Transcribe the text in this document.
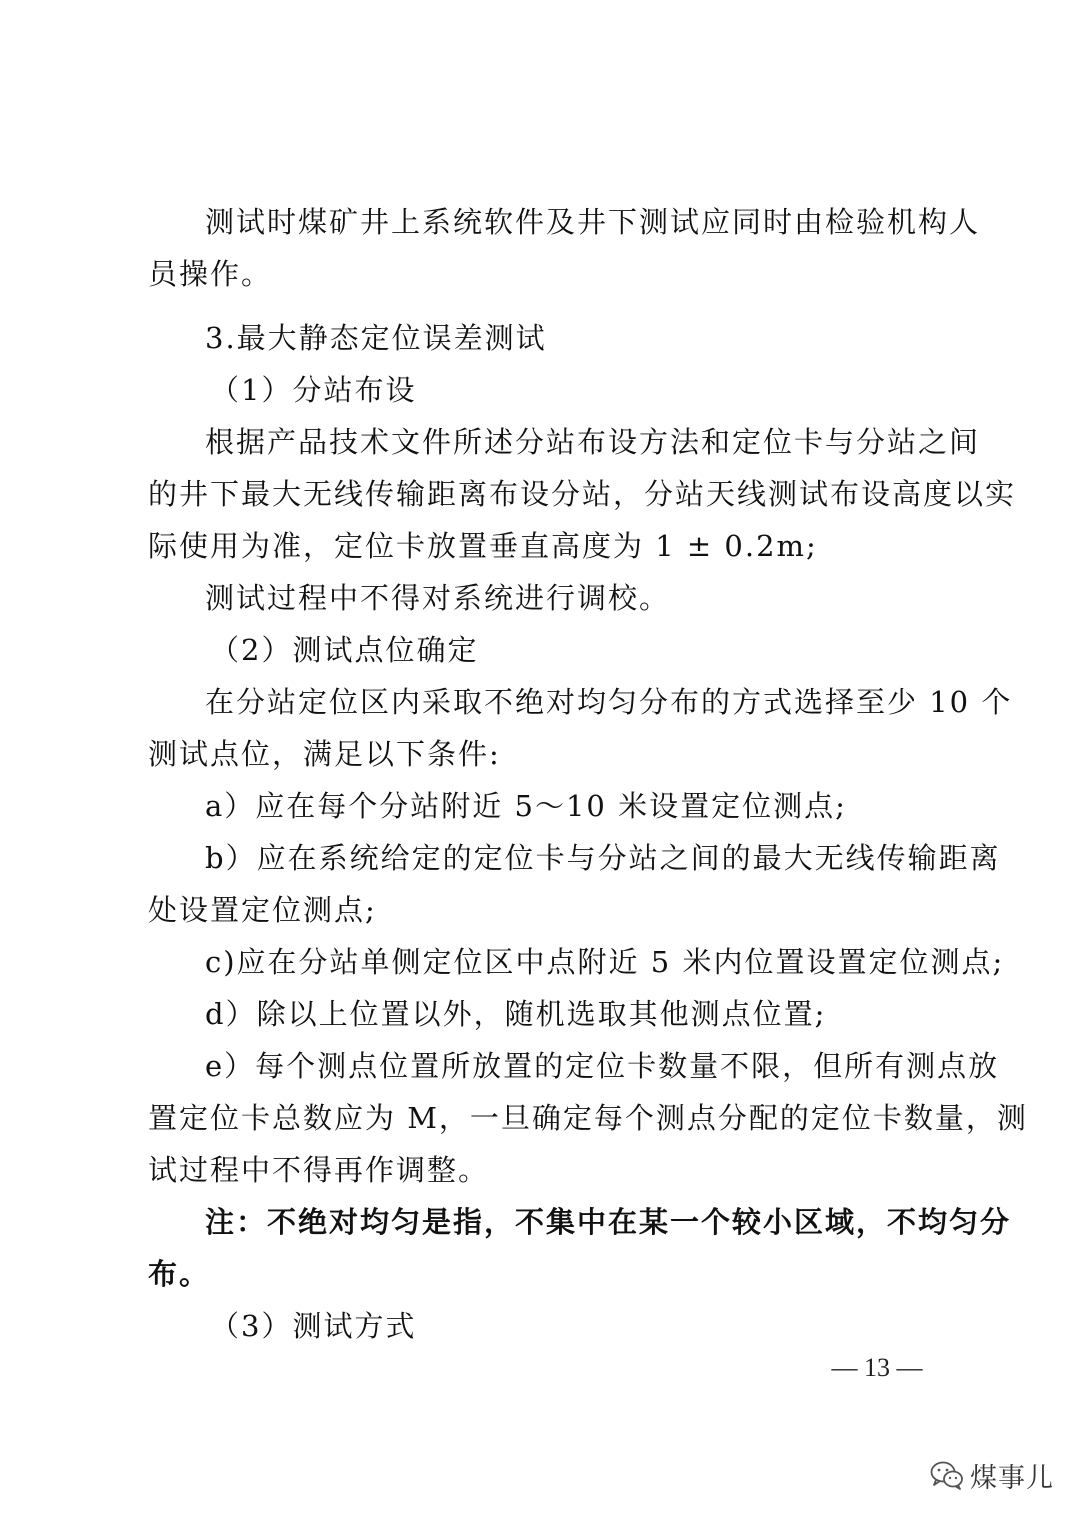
测试时煤矿井上系统软件及井下测试应同时由检验机构人
员操作。
3.最大静态定位误差测试
（1）分站布设
根据产品技术文件所述分站布设方法和定位卡与分站之间
的井下最大无线传输距离布设分站，分站天线测试布设高度以实
际使用为准，定位卡放置垂直高度为 1 ± 0.2m;
测试过程中不得对系统进行调校。
（2）测试点位确定
在分站定位区内采取不绝对均匀分布的方式选择至少 10 个
测试点位，满足以下条件:
a）应在每个分站附近 5～10 米设置定位测点;
b）应在系统给定的定位卡与分站之间的最大无线传输距离
处设置定位测点;
c)应在分站单侧定位区中点附近 5 米内位置设置定位测点;
d）除以上位置以外，随机选取其他测点位置;
e）每个测点位置所放置的定位卡数量不限，但所有测点放
置定位卡总数应为 M，一旦确定每个测点分配的定位卡数量，测
试过程中不得再作调整。
注：不绝对均匀是指，不集中在某一个较小区域，不均匀分
布。
（3）测试方式
— 13 —
煤事儿
